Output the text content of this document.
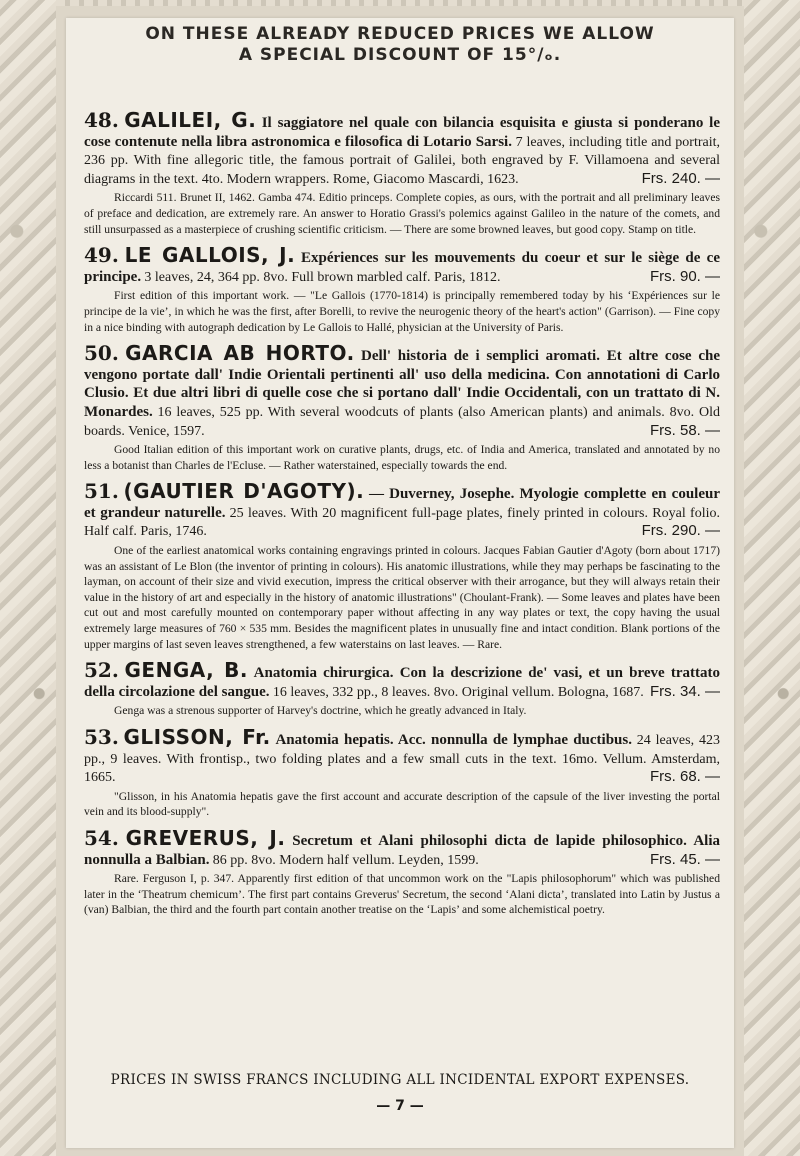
ON THESE ALREADY REDUCED PRICES WE ALLOW
A SPECIAL DISCOUNT OF 15°/ₒ.
48. GALILEI, G. Il saggiatore nel quale con bilancia esquisita e giusta si ponderano le cose contenute nella libra astronomica e filosofica di Lotario Sarsi. 7 leaves, including title and portrait, 236 pp. With fine allegoric title, the famous portrait of Galilei, both engraved by F. Villamoena and several diagrams in the text. 4to. Modern wrappers. Rome, Giacomo Mascardi, 1623.	Frs. 240. —
Riccardi 511. Brunet II, 1462. Gamba 474. Editio princeps. Complete copies, as ours, with the portrait and all preliminary leaves of preface and dedication, are extremely rare. An answer to Horatio Grassi's polemics against Galileo in the nature of the comets, and still unsurpassed as a masterpiece of crushing scientific criticism. — There are some browned leaves, but good copy. Stamp on title.
49. LE GALLOIS, J. Expériences sur les mouvements du coeur et sur le siège de ce principe. 3 leaves, 24, 364 pp. 8vo. Full brown marbled calf. Paris, 1812.	Frs. 90. —
First edition of this important work. — "Le Gallois (1770-1814) is principally remembered today by his ‘Expériences sur le principe de la vie’, in which he was the first, after Borelli, to revive the neurogenic theory of the heart's action" (Garrison). — Fine copy in a nice binding with autograph dedication by Le Gallois to Hallé, physician at the University of Paris.
50. GARCIA AB HORTO. Dell' historia de i semplici aromati. Et altre cose che vengono portate dall' Indie Orientali pertinenti all' uso della medicina. Con annotationi di Carlo Clusio. Et due altri libri di quelle cose che si portano dall' Indie Occidentali, con un trattato di N. Monardes. 16 leaves, 525 pp. With several woodcuts of plants (also American plants) and animals. 8vo. Old boards. Venice, 1597.	Frs. 58. —
Good Italian edition of this important work on curative plants, drugs, etc. of India and America, translated and annotated by no less a botanist than Charles de l'Ecluse. — Rather waterstained, especially towards the end.
51. (GAUTIER D'AGOTY). — Duverney, Josephe. Myologie complette en couleur et grandeur naturelle. 25 leaves. With 20 magnificent full-page plates, finely printed in colours. Royal folio. Half calf. Paris, 1746.	Frs. 290. —
One of the earliest anatomical works containing engravings printed in colours. Jacques Fabian Gautier d'Agoty (born about 1717) was an assistant of Le Blon (the inventor of printing in colours). His anatomic illustrations, while they may perhaps be fascinating to the layman, on account of their size and vivid execution, impress the critical observer with their arrogance, but they will always retain their value in the history of art and especially in the history of anatomic illustrations" (Choulant-Frank). — Some leaves and plates have been cut out and most carefully mounted on contemporary paper without affecting in any way plates or text, the copy having the usual extremely large measures of 760 × 535 mm. Besides the magnificent plates in unusually fine and intact condition. Blank portions of the upper margins of last seven leaves strengthened, a few waterstains on last leaves. — Rare.
52. GENGA, B. Anatomia chirurgica. Con la descrizione de' vasi, et un breve trattato della circolazione del sangue. 16 leaves, 332 pp., 8 leaves. 8vo. Original vellum. Bologna, 1687. Frs. 34. —
Genga was a strenous supporter of Harvey's doctrine, which he greatly advanced in Italy.
53. GLISSON, Fr. Anatomia hepatis. Acc. nonnulla de lymphae ductibus. 24 leaves, 423 pp., 9 leaves. With frontisp., two folding plates and a few small cuts in the text. 16mo. Vellum. Amsterdam, 1665.	Frs. 68. —
"Glisson, in his Anatomia hepatis gave the first account and accurate description of the capsule of the liver investing the portal vein and its blood-supply".
54. GREVERUS, J. Secretum et Alani philosophi dicta de lapide philosophico. Alia nonnulla a Balbian. 86 pp. 8vo. Modern half vellum. Leyden, 1599.	Frs. 45. —
Rare. Ferguson I, p. 347. Apparently first edition of that uncommon work on the "Lapis philosophorum" which was published later in the ‘Theatrum chemicum’. The first part contains Greverus' Secretum, the second ‘Alani dicta’, translated into Latin by Justus a (van) Balbian, the third and the fourth part contain another treatise on the ‘Lapis’ and some alchemistical poetry.
PRICES IN SWISS FRANCS INCLUDING ALL INCIDENTAL EXPORT EXPENSES.
— 7 —
